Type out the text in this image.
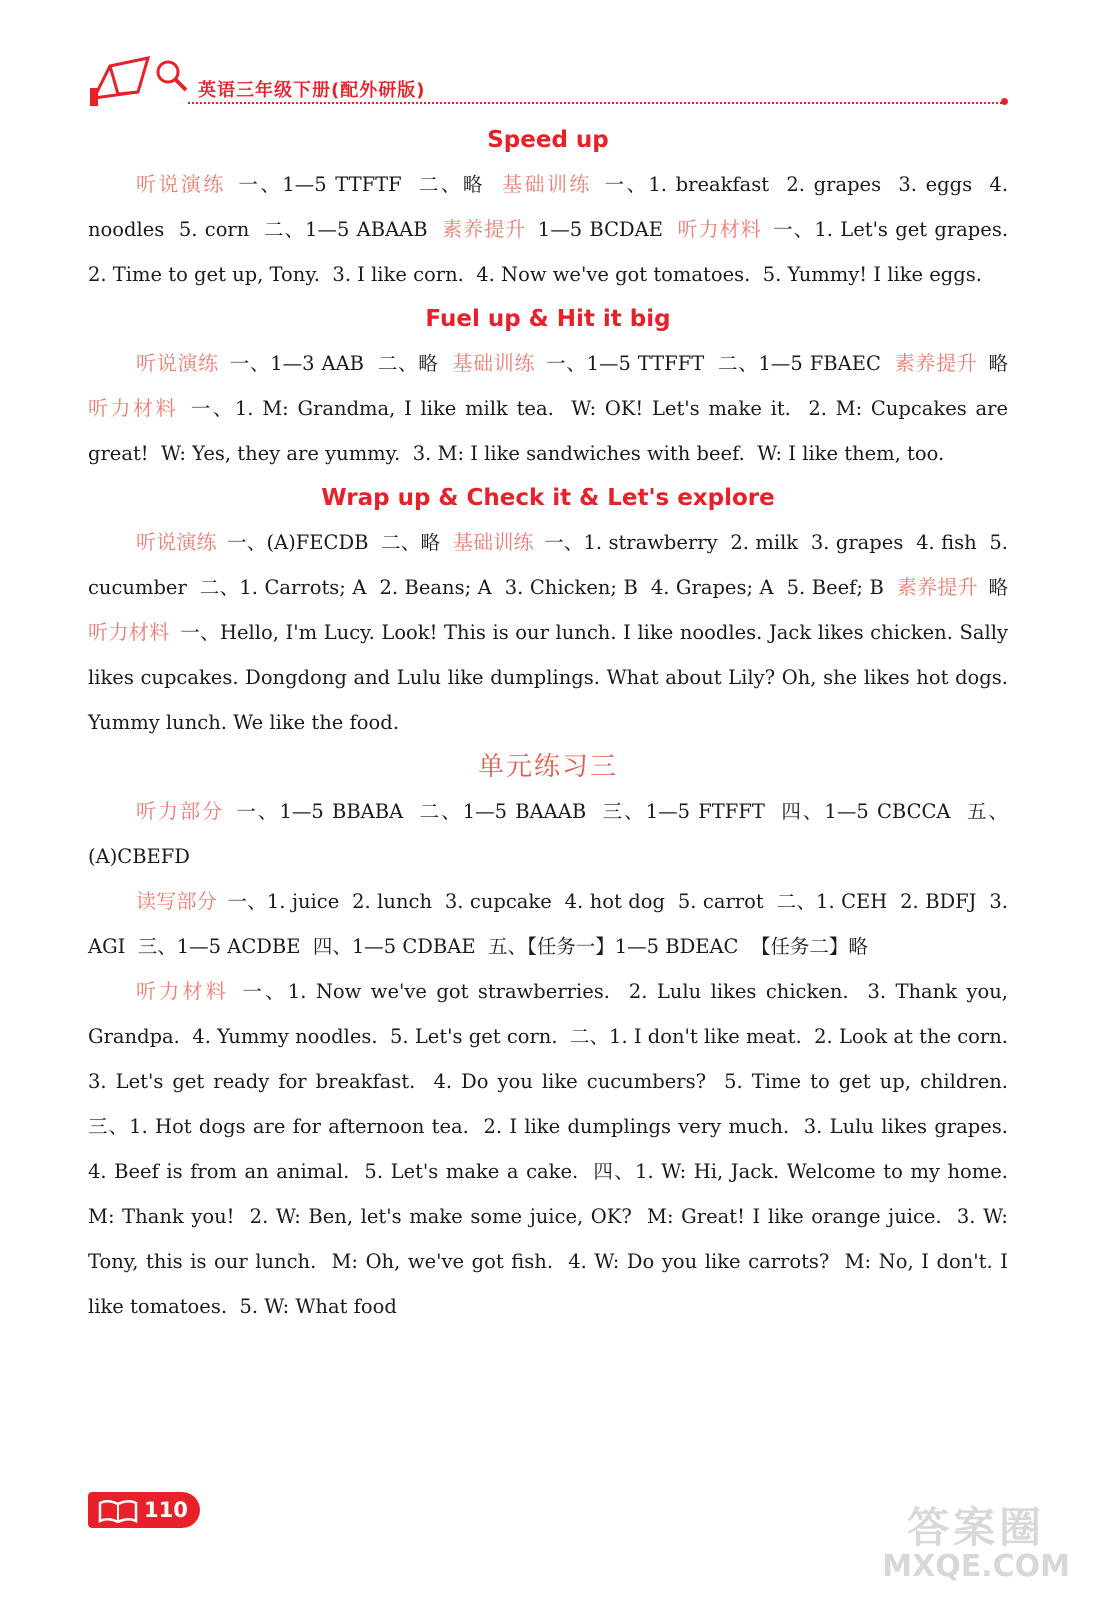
英语三年级下册(配外研版)
Speed up

听说演练 一、1—5 TTFTF  二、略  基础训练 一、1. breakfast  2. grapes  3. eggs  4. noodles  5. corn  二、1—5 ABAAB  素养提升 1—5 BCDAE  听力材料 一、1. Let's get grapes.  2. Time to get up, Tony.  3. I like corn.  4. Now we've got tomatoes.  5. Yummy! I like eggs.

Fuel up & Hit it big

听说演练 一、1—3 AAB  二、略  基础训练 一、1—5 TTFFT  二、1—5 FBAEC  素养提升 略  听力材料 一、1. M: Grandma, I like milk tea.  W: OK! Let's make it.  2. M: Cupcakes are great!  W: Yes, they are yummy.  3. M: I like sandwiches with beef.  W: I like them, too.

Wrap up & Check it & Let's explore

听说演练 一、(A)FECDB  二、略  基础训练 一、1. strawberry  2. milk  3. grapes  4. fish  5. cucumber  二、1. Carrots; A  2. Beans; A  3. Chicken; B  4. Grapes; A  5. Beef; B  素养提升 略  听力材料 一、Hello, I'm Lucy. Look! This is our lunch. I like noodles. Jack likes chicken. Sally likes cupcakes. Dongdong and Lulu like dumplings. What about Lily? Oh, she likes hot dogs. Yummy lunch. We like the food.

单元练习三

听力部分 一、1—5 BBABA  二、1—5 BAAAB  三、1—5 FTFFT  四、1—5 CBCCA  五、(A)CBEFD

读写部分 一、1. juice  2. lunch  3. cupcake  4. hot dog  5. carrot  二、1. CEH  2. BDFJ  3. AGI  三、1—5 ACDBE  四、1—5 CDBAE  五、【任务一】1—5 BDEAC  【任务二】略

听力材料 一、1. Now we've got strawberries.  2. Lulu likes chicken.  3. Thank you, Grandpa.  4. Yummy noodles.  5. Let's get corn.  二、1. I don't like meat.  2. Look at the corn.  3. Let's get ready for breakfast.  4. Do you like cucumbers?  5. Time to get up, children.  三、1. Hot dogs are for afternoon tea.  2. I like dumplings very much.  3. Lulu likes grapes.  4. Beef is from an animal.  5. Let's make a cake.  四、1. W: Hi, Jack. Welcome to my home.  M: Thank you!  2. W: Ben, let's make some juice, OK?  M: Great! I like orange juice.  3. W: Tony, this is our lunch.  M: Oh, we've got fish.  4. W: Do you like carrots?  M: No, I don't. I like tomatoes.  5. W: What food

110	答案圈
MXQE.COM
